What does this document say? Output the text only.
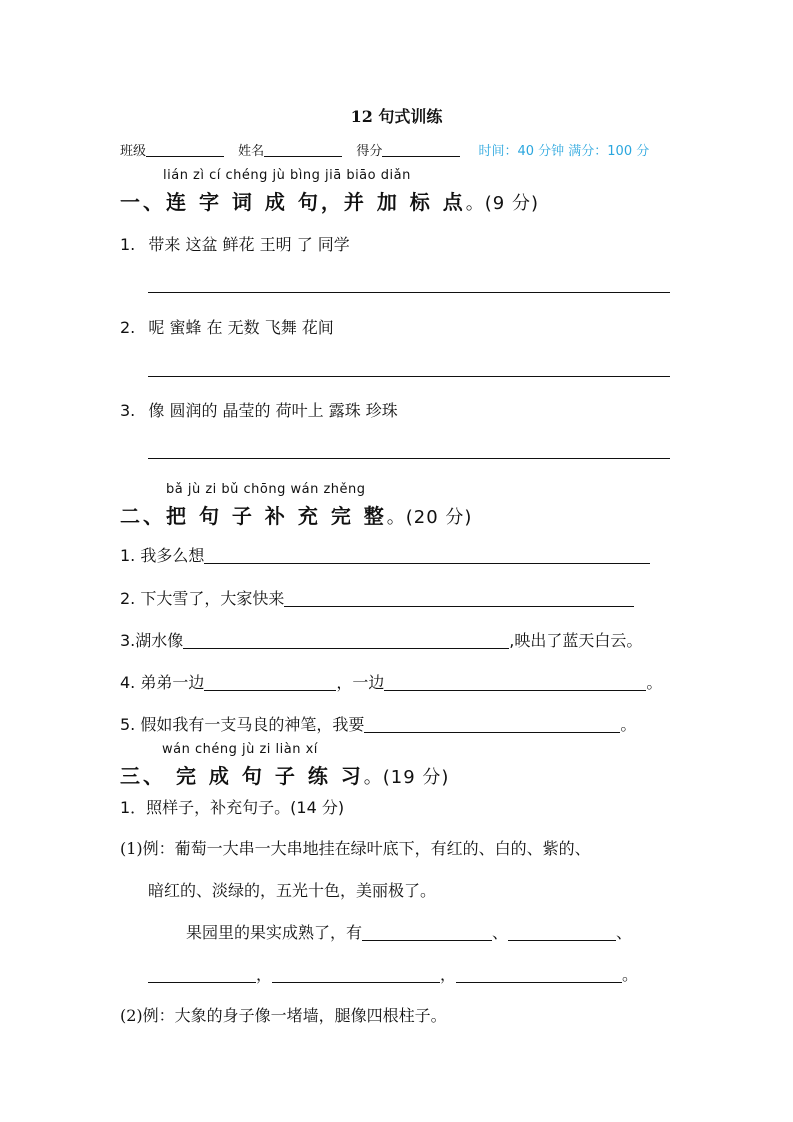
12 句式训练
班级	姓名	得分	时间：40 分钟 满分：100 分
lián zì cí chéng jù bìng jiā biāo diǎn
一、连 字 词 成 句，并 加 标 点。(9 分)
1. 带来 这盆 鲜花 王明 了 同学
2. 呢 蜜蜂 在 无数 飞舞 花间
3. 像 圆润的 晶莹的 荷叶上 露珠 珍珠
bǎ jù zi bǔ chōng wán zhěng
二、把 句 子 补 充 完 整。(20 分)
1. 我多么想
2. 下大雪了，大家快来
3.湖水像	,映出了蓝天白云。
4. 弟弟一边	，一边	。
5. 假如我有一支马良的神笔，我要	。
wán chéng jù zi liàn xí
三、 完 成 句 子 练 习。(19 分)
1．照样子，补充句子。(14 分)
(1)例：葡萄一大串一大串地挂在绿叶底下，有红的、白的、紫的、
暗红的、淡绿的，五光十色，美丽极了。
果园里的果实成熟了，有	、	、
，	，	。
(2)例：大象的身子像一堵墙，腿像四根柱子。
